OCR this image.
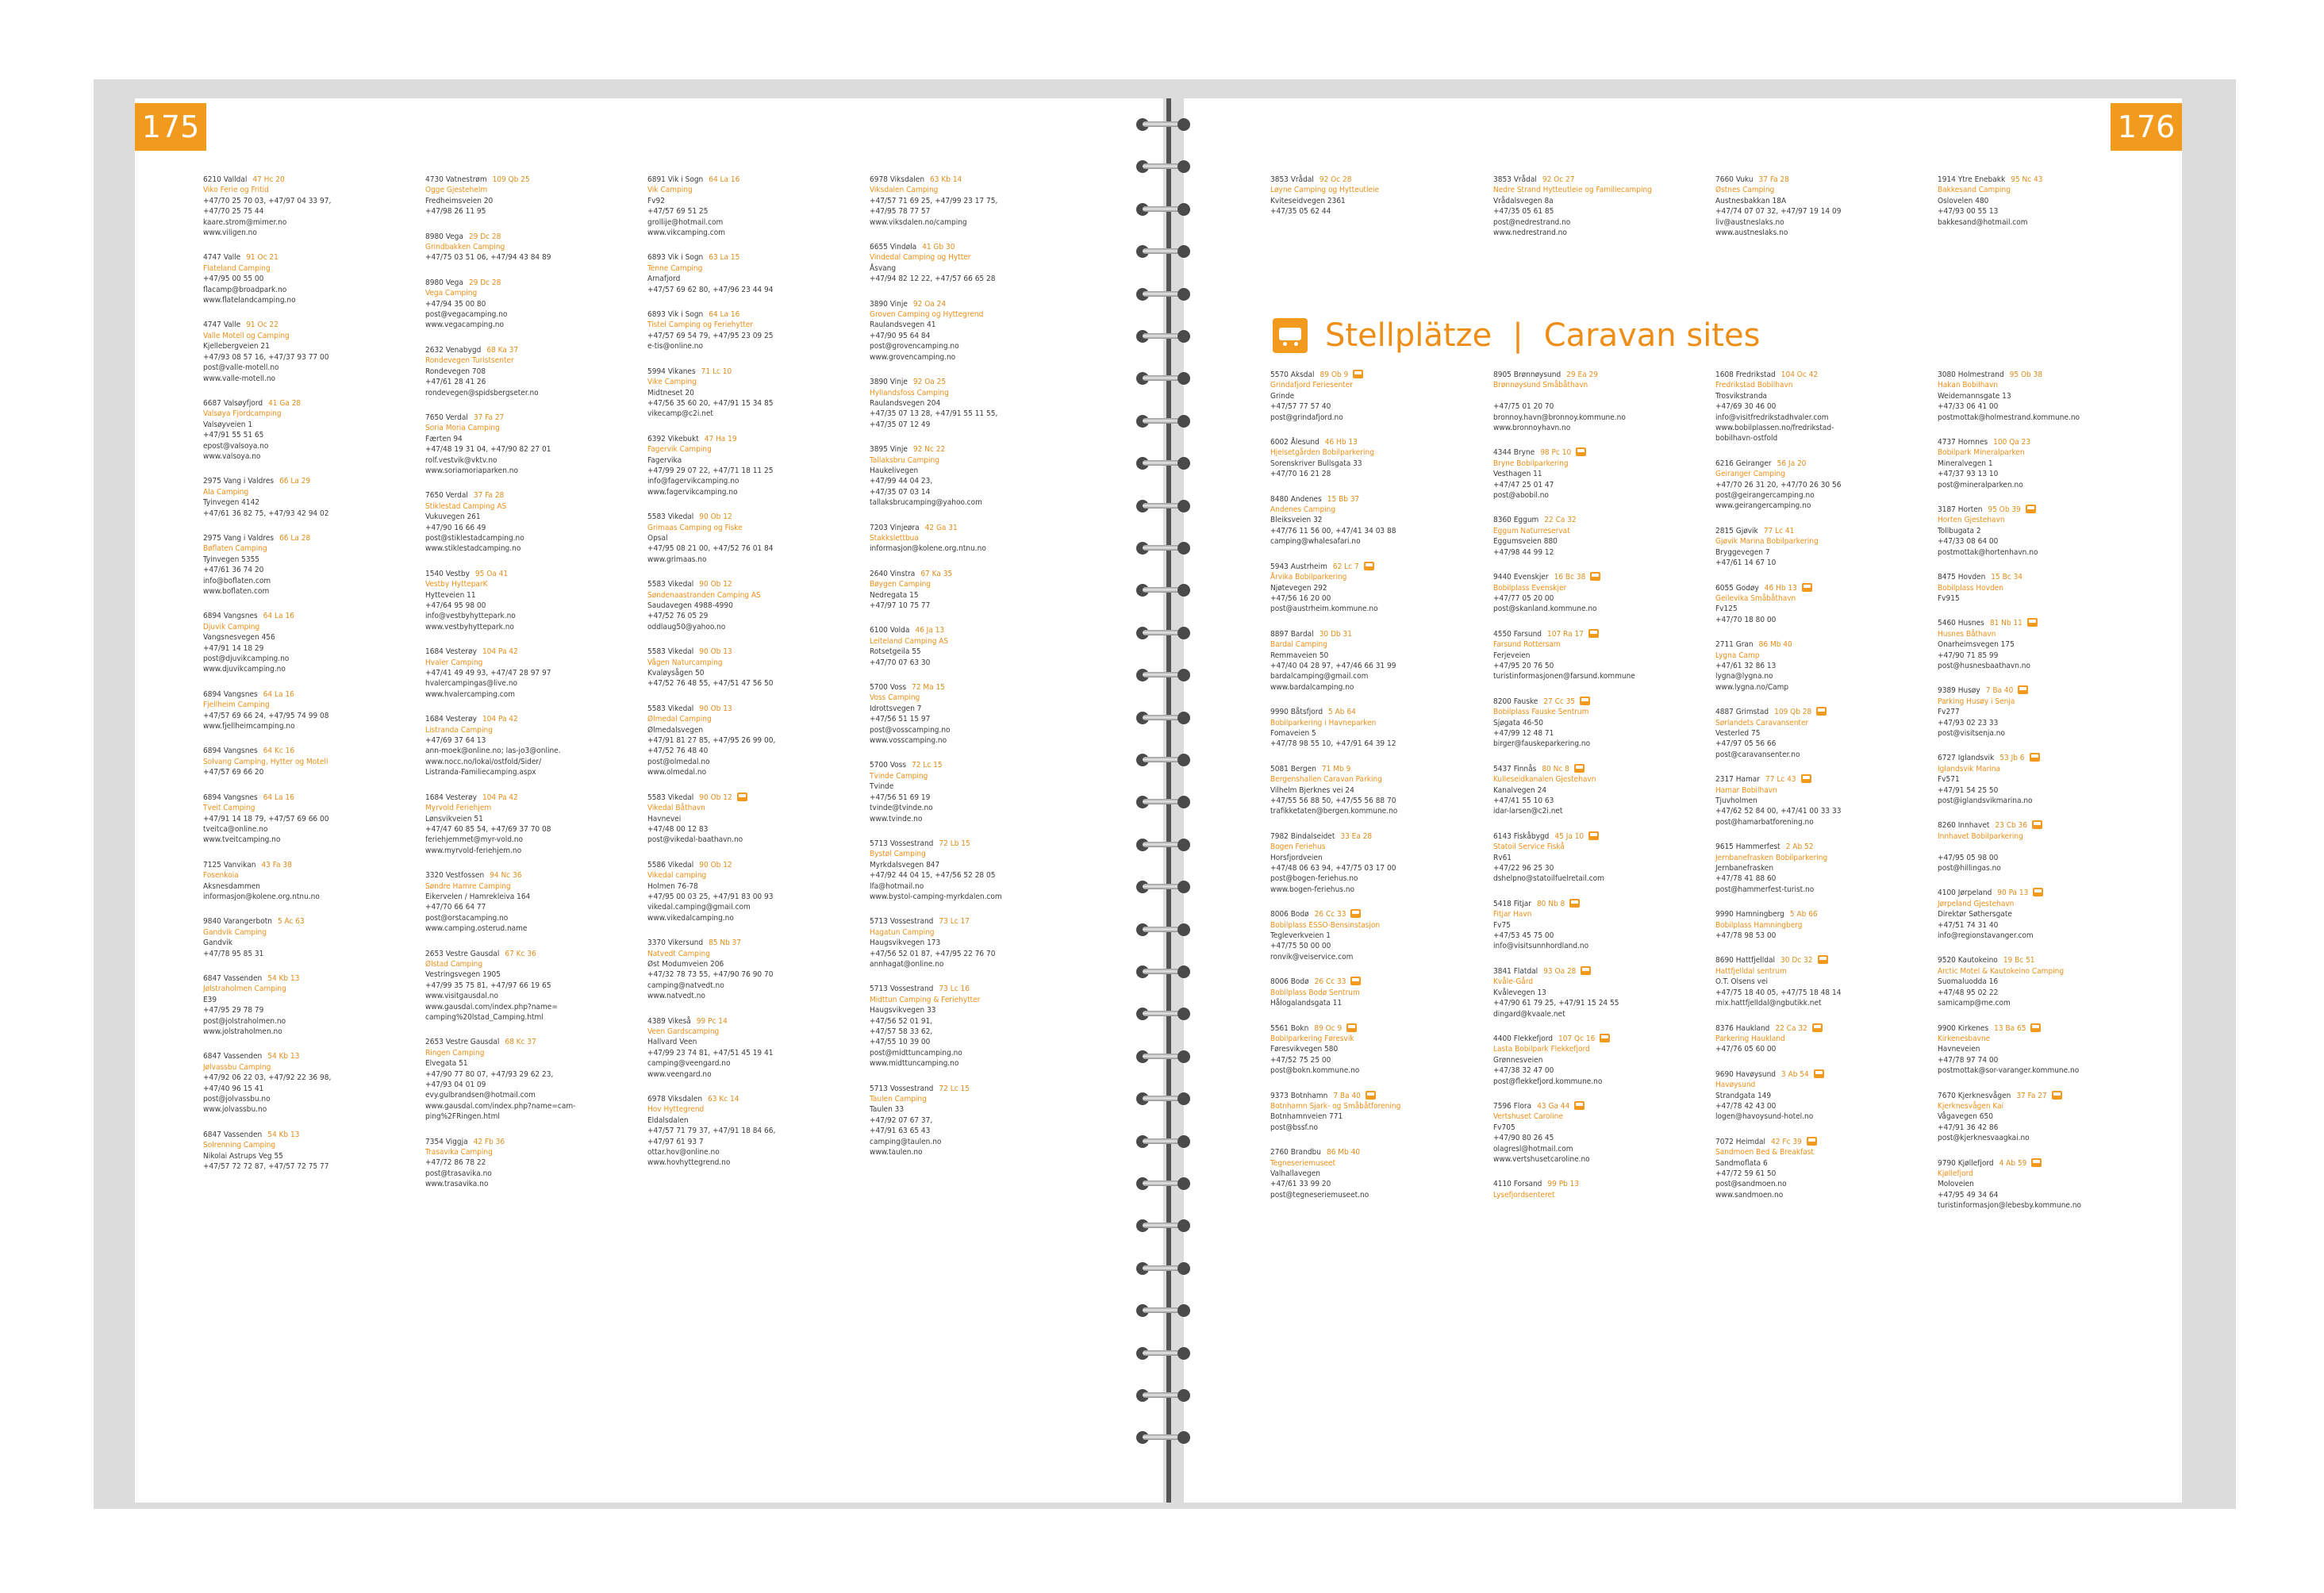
175	176
Stellplätze | Caravan sites
6210 Valldal 47 Hc 20
Viko Ferie og Fritid
+47/70 25 70 03, +47/97 04 33 97,
+47/70 25 75 44
kaare.strom@mimer.no
www.viligen.no
4747 Valle 91 Oc 21
Flateland Camping
+47/95 00 55 00
flacamp@broadpark.no
www.flatelandcamping.no
4747 Valle 91 Oc 22
Valle Motell og Camping
Kjellebergveien 21
+47/93 08 57 16, +47/37 93 77 00
post@valle-motell.no
www.valle-motell.no
6687 Valsøyfjord 41 Ga 28
Valsøya Fjordcamping
Valsøyveien 1
+47/91 55 51 65
epost@valsoya.no
www.valsoya.no
2975 Vang i Valdres 66 La 29
Ala Camping
Tyinvegen 4142
+47/61 36 82 75, +47/93 42 94 02
2975 Vang i Valdres 66 La 28
Bøflaten Camping
Tyinvegen 5355
+47/61 36 74 20
info@boflaten.com
www.boflaten.com
6894 Vangsnes 64 La 16
Djuvik Camping
Vangsnesvegen 456
+47/91 14 18 29
post@djuvikcamping.no
www.djuvikcamping.no
6894 Vangsnes 64 La 16
Fjellheim Camping
+47/57 69 66 24, +47/95 74 99 08
www.fjellheimcamping.no
6894 Vangsnes 64 Kc 16
Solvang Camping, Hytter og Motell
+47/57 69 66 20
6894 Vangsnes 64 La 16
Tveit Camping
+47/91 14 18 79, +47/57 69 66 00
tveitca@online.no
www.tveitcamping.no
7125 Vanvikan 43 Fa 38
Fosenkoia
Aksnesdammen
informasjon@kolene.org.ntnu.no
9840 Varangerbotn 5 Ac 63
Gandvik Camping
Gandvik
+47/78 95 85 31
6847 Vassenden 54 Kb 13
Jølstraholmen Camping
E39
+47/95 29 78 79
post@jolstraholmen.no
www.jolstraholmen.no
6847 Vassenden 54 Kb 13
Jølvassbu Camping
+47/92 06 22 03, +47/92 22 36 98,
+47/40 96 15 41
post@jolvassbu.no
www.jolvassbu.no
6847 Vassenden 54 Kb 13
Solrenning Camping
Nikolai Astrups Veg 55
+47/57 72 72 87, +47/57 72 75 77
4730 Vatnestrøm 109 Qb 25
Ogge Gjestehelm
Fredheimsveien 20
+47/98 26 11 95
8980 Vega 29 Dc 28
Grindbakken Camping
+47/75 03 51 06, +47/94 43 84 89
8980 Vega 29 Dc 28
Vega Camping
+47/94 35 00 80
post@vegacamping.no
www.vegacamping.no
2632 Venabygd 68 Ka 37
Rondevegen Turistsenter
Rondevegen 708
+47/61 28 41 26
rondevegen@spidsbergseter.no
7650 Verdal 37 Fa 27
Soria Moria Camping
Færten 94
+47/48 19 31 04, +47/90 82 27 01
rolf.vestvik@vktv.no
www.soriamoriaparken.no
7650 Verdal 37 Fa 28
Stiklestad Camping AS
Vukuvegen 261
+47/90 16 66 49
post@stiklestadcamping.no
www.stiklestadcamping.no
1540 Vestby 95 Oa 41
Vestby HytteparK
Hytteveien 11
+47/64 95 98 00
info@vestbyhyttepark.no
www.vestbyhyttepark.no
1684 Vesterøy 104 Pa 42
Hvaler Camping
+47/41 49 49 93, +47/47 28 97 97
hvalercampingas@live.no
www.hvalercamping.com
1684 Vesterøy 104 Pa 42
Listranda Camping
+47/69 37 64 13
ann-moek@online.no; las-jo3@online.
www.nocc.no/lokal/ostfold/Sider/
Listranda-Familiecamping.aspx
1684 Vesterøy 104 Pa 42
Myrvold Feriehjem
Lønsvikveien 51
+47/47 60 85 54, +47/69 37 70 08
feriehjemmet@myr-vold.no
www.myrvold-feriehjem.no
3320 Vestfossen 94 Nc 36
Søndre Hamre Camping
Eikervelen / Hamrekleiva 164
+47/70 66 64 77
post@orstacamping.no
www.camping.osterud.name
2653 Vestre Gausdal 67 Kc 36
Ølstad Camping
Vestringsvegen 1905
+47/99 35 75 81, +47/97 66 19 65
www.visitgausdal.no
www.gausdal.com/index.php?name=
camping%20lstad_Camping.html
2653 Vestre Gausdal 68 Kc 37
Ringen Camping
Elvegata 51
+47/90 77 80 07, +47/93 29 62 23,
+47/93 04 01 09
evy.gulbrandsen@hotmail.com
www.gausdal.com/index.php?name=cam-
ping%2FRingen.html
7354 Viggja 42 Fb 36
Trasavika Camping
+47/72 86 78 22
post@trasavika.no
www.trasavika.no
6891 Vik i Sogn 64 La 16
Vik Camping
Fv92
+47/57 69 51 25
grollije@hotmail.com
www.vikcamping.com
6893 Vik i Sogn 63 La 15
Tenne Camping
Arnafjord
+47/57 69 62 80, +47/96 23 44 94
6893 Vik i Sogn 64 La 16
Tistel Camping og Feriehytter
+47/57 69 54 79, +47/95 23 09 25
e-tis@online.no
5994 Vikanes 71 Lc 10
Vike Camping
Midtneset 20
+47/56 35 60 20, +47/91 15 34 85
vikecamp@c2i.net
6392 Vikebukt 47 Ha 19
Fagervik Camping
Fagervika
+47/99 29 07 22, +47/71 18 11 25
info@fagervikcamping.no
www.fagervikcamping.no
5583 Vikedal 90 Ob 12
Grimaas Camping og Fiske
Opsal
+47/95 08 21 00, +47/52 76 01 84
www.grimaas.no
5583 Vikedal 90 Ob 12
Søndenaastranden Camping AS
Saudavegen 4988-4990
+47/52 76 05 29
oddlaug50@yahoo.no
5583 Vikedal 90 Ob 13
Vågen Naturcamping
Kvaløysågen 50
+47/52 76 48 55, +47/51 47 56 50
5583 Vikedal 90 Ob 13
Ølmedal Camping
Ølmedalsvegen
+47/91 81 27 85, +47/95 26 99 00,
+47/52 76 48 40
post@olmedal.no
www.olmedal.no
5583 Vikedal 90 Ob 12
Vikedal Båthavn
Havnevei
+47/48 00 12 83
post@vikedal-baathavn.no
5586 Vikedal 90 Ob 12
Vikedal camping
Holmen 76-78
+47/95 00 03 25, +47/91 83 00 93
vikedal.camping@gmail.com
www.vikedalcamping.no
3370 Vikersund 85 Nb 37
Natvedt Camping
Øst Modumveien 206
+47/32 78 73 55, +47/90 76 90 70
camping@natvedt.no
www.natvedt.no
4389 Vikeså 99 Pc 14
Veen Gardscamping
Hallvard Veen
+47/99 23 74 81, +47/51 45 19 41
camping@veengard.no
www.veengard.no
6978 Viksdalen 63 Kc 14
Hov Hyttegrend
Eldalsdalen
+47/57 71 79 37, +47/91 18 84 66,
+47/97 61 93 7
ottar.hov@online.no
www.hovhyttegrend.no
6978 Viksdalen 63 Kb 14
Viksdalen Camping
+47/57 71 69 25, +47/99 23 17 75,
+47/95 78 77 57
www.viksdalen.no/camping
6655 Vindøla 41 Gb 30
Vindedal Camping og Hytter
Åsvang
+47/94 82 12 22, +47/57 66 65 28
3890 Vinje 92 Oa 24
Groven Camping og Hyttegrend
Raulandsvegen 41
+47/90 95 64 84
post@grovencamping.no
www.grovencamping.no
3890 Vinje 92 Oa 25
Hyllandsfoss Camping
Raulandsvegen 204
+47/35 07 13 28, +47/91 55 11 55,
+47/35 07 12 49
3895 Vinje 92 Nc 22
Tallaksbru Camping
Haukelivegen
+47/99 44 04 23,
+47/35 07 03 14
tallaksbrucamping@yahoo.com
7203 Vinjeøra 42 Ga 31
Stakkslettbua
informasjon@kolene.org.ntnu.no
2640 Vinstra 67 Ka 35
Bøygen Camping
Nedregata 15
+47/97 10 75 77
6100 Volda 46 Ja 13
Leiteland Camping AS
Rotsetgeila 55
+47/70 07 63 30
5700 Voss 72 Ma 15
Voss Camping
Idrottsvegen 7
+47/56 51 15 97
post@vosscamping.no
www.vosscamping.no
5700 Voss 72 Lc 15
Tvinde Camping
Tvinde
+47/56 51 69 19
tvinde@tvinde.no
www.tvinde.no
5713 Vossestrand 72 Lb 15
Bystøl Camping
Myrkdalsvegen 847
+47/92 44 04 15, +47/56 52 28 05
lfa@hotmail.no
www.bystol-camping-myrkdalen.com
5713 Vossestrand 73 Lc 17
Hagatun Camping
Haugsvikvegen 173
+47/56 52 01 87, +47/95 22 76 70
annhagat@online.no
5713 Vossestrand 73 Lc 16
Midttun Camping & Feriehytter
Haugsvikvegen 33
+47/56 52 01 91,
+47/57 58 33 62,
+47/55 10 39 00
post@midttuncamping.no
www.midttuncamping.no
5713 Vossestrand 72 Lc 15
Taulen Camping
Taulen 33
+47/92 07 67 37,
+47/91 63 65 43
camping@taulen.no
www.taulen.no
3853 Vrådal 92 Oc 28
Løyne Camping og Hytteutleie
Kviteseidvegen 2361
+47/35 05 62 44
3853 Vrådal 92 Oc 27
Nedre Strand Hytteutleie og Familiecamping
Vrådalsvegen 8a
+47/35 05 61 85
post@nedrestrand.no
www.nedrestrand.no
7660 Vuku 37 Fa 28
Østnes Camping
Austnesbakkan 18A
+47/74 07 07 32, +47/97 19 14 09
liv@austneslaks.no
www.austneslaks.no
1914 Ytre Enebakk 95 Nc 43
Bakkesand Camping
Oslovelen 480
+47/93 00 55 13
bakkesand@hotmail.com
5570 Aksdal 89 Ob 9
Grindafjord Feriesenter
Grinde
+47/57 77 57 40
post@grindafjord.no
6002 Ålesund 46 Hb 13
Hjelsetgården Bobilparkering
Sorenskriver Bullsgata 33
+47/70 16 21 28
8480 Andenes 15 Bb 37
Andenes Camping
Bleiksveien 32
+47/76 11 56 00, +47/41 34 03 88
camping@whalesafari.no
5943 Austrheim 62 Lc 7
Årvika Bobilparkering
Njøtevegen 292
+47/56 16 20 00
post@austrheim.kommune.no
8897 Bardal 30 Db 31
Bardal Camping
Remmaveien 50
+47/40 04 28 97, +47/46 66 31 99
bardalcamping@gmail.com
www.bardalcamping.no
9990 Båtsfjord 5 Ab 64
Bobilparkering i Havneparken
Fomaveien 5
+47/78 98 55 10, +47/91 64 39 12
5081 Bergen 71 Mb 9
Bergenshallen Caravan Parking
Vilhelm Bjerknes vei 24
+47/55 56 88 50, +47/55 56 88 70
trafikketaten@bergen.kommune.no
7982 Bindalseidet 33 Ea 28
Bogen Feriehus
Horsfjordveien
+47/48 06 63 94, +47/75 03 17 00
post@bogen-feriehus.no
www.bogen-feriehus.no
8006 Bodø 26 Cc 33
Bobilplass ESSO-Bensinstasjon
Tegleverkveien 1
+47/75 50 00 00
ronvik@veiservice.com
8006 Bodø 26 Cc 33
Bobilplass Bodø Sentrum
Hålogalandsgata 11
5561 Bokn 89 Oc 9
Bobilparkering Føresvik
Føresvikvegen 580
+47/52 75 25 00
post@bokn.kommune.no
9373 Botnhamn 7 Ba 40
Botnhamn Sjark- og Småbåtforening
Botnhamnveien 771
post@bssf.no
2760 Brandbu 86 Mb 40
Tegneseriemuseet
Valhallavegen
+47/61 33 99 20
post@tegneseriemuseet.no
8905 Brønnøysund 29 Ea 29
Brønnøysund Småbåthavn

+47/75 01 20 70
bronnoy.havn@bronnoy.kommune.no
www.bronnoyhavn.no
4344 Bryne 98 Pc 10
Bryne Bobilparkering
Vesthagen 11
+47/47 25 01 47
post@abobil.no
8360 Eggum 22 Ca 32
Eggum Naturreservat
Eggumsveien 880
+47/98 44 99 12
9440 Evenskjer 16 Bc 38
Bobilplass Evenskjer
+47/77 05 20 00
post@skanland.kommune.no
4550 Farsund 107 Ra 17
Farsund Rottersam
Ferjeveien
+47/95 20 76 50
turistinformasjonen@farsund.kommune
8200 Fauske 27 Cc 35
Bobilplass Fauske Sentrum
Sjøgata 46-50
+47/99 12 48 71
birger@fauskeparkering.no
5437 Finnås 80 Nc 8
Kulleseidkanalen Gjestehavn
Kanalvegen 24
+47/41 55 10 63
idar-larsen@c2i.net
6143 Fiskåbygd 45 Ja 10
Statoil Service Fiskå
Rv61
+47/22 96 25 30
dshelpno@statoilfuelretail.com
5418 Fitjar 80 Nb 8
Fitjar Havn
Fv75
+47/53 45 75 00
info@visitsunnhordland.no
3841 Flatdal 93 Oa 28
Kvåle-Gård
Kvålevegen 13
+47/90 61 79 25, +47/91 15 24 55
dingard@kvaale.net
4400 Flekkefjord 107 Qc 16
Lasta Bobilpark Flekkefjord
Grønnesveien
+47/38 32 47 00
post@flekkefjord.kommune.no
7596 Flora 43 Ga 44
Vertshuset Caroline
Fv705
+47/90 80 26 45
olagresl@hotmail.com
www.vertshusetcaroline.no
4110 Forsand 99 Pb 13
Lysefjordsenteret
1608 Fredrikstad 104 Oc 42
Fredrikstad Bobilhavn
Trosvikstranda
+47/69 30 46 00
info@visitfredrikstadhvaler.com
www.bobilplassen.no/fredrikstad-
bobilhavn-ostfold
6216 Geiranger 56 Ja 20
Geiranger Camping
+47/70 26 31 20, +47/70 26 30 56
post@geirangercamping.no
www.geirangercamping.no
2815 Gjøvik 77 Lc 41
Gjøvik Marina Bobilparkering
Bryggevegen 7
+47/61 14 67 10
6055 Godøy 46 Hb 13
Geilevika Småbåthavn
Fv125
+47/70 18 80 00
2711 Gran 86 Mb 40
Lygna Camp
+47/61 32 86 13
lygna@lygna.no
www.lygna.no/Camp
4887 Grimstad 109 Qb 28
Sørlandets Caravansenter
Vesterled 75
+47/97 05 56 66
post@caravansenter.no
2317 Hamar 77 Lc 43
Hamar Bobilhavn
Tjuvholmen
+47/62 52 84 00, +47/41 00 33 33
post@hamarbatforening.no
9615 Hammerfest 2 Ab 52
Jernbanefrasken Bobilparkering
Jernbanefrasken
+47/78 41 88 60
post@hammerfest-turist.no
9990 Hamningberg 5 Ab 66
Bobilplass Hamningberg
+47/78 98 53 00
8690 Hattfjelldal 30 Dc 32
Hattfjelldal sentrum
O.T. Olsens vei
+47/75 18 40 05, +47/75 18 48 14
mix.hattfjelldal@ngbutikk.net
8376 Haukland 22 Ca 32
Parkering Haukland
+47/76 05 60 00
9690 Havøysund 3 Ab 54
Havøysund
Strandgata 149
+47/78 42 43 00
logen@havoysund-hotel.no
7072 Heimdal 42 Fc 39
Sandmoen Bed & Breakfast
Sandmoflata 6
+47/72 59 61 50
post@sandmoen.no
www.sandmoen.no
3080 Holmestrand 95 Ob 38
Hakan Bobilhavn
Weidemannsgate 13
+47/33 06 41 00
postmottak@holmestrand.kommune.no
4737 Hornnes 100 Qa 23
Bobilpark Mineralparken
Mineralvegen 1
+47/37 93 13 10
post@mineralparken.no
3187 Horten 95 Ob 39
Horten Gjestehavn
Tollbugata 2
+47/33 08 64 00
postmottak@hortenhavn.no
8475 Hovden 15 Bc 34
Bobilplass Hovden
Fv915
5460 Husnes 81 Nb 11
Husnes Båthavn
Onarheimsvegen 175
+47/90 71 85 99
post@husnesbaathavn.no
9389 Husøy 7 Ba 40
Parking Husøy i Senja
Fv277
+47/93 02 23 33
post@visitsenja.no
6727 Iglandsvik 53 Jb 6
Iglandsvik Marina
Fv571
+47/91 54 25 50
post@iglandsvikmarina.no
8260 Innhavet 23 Cb 36
Innhavet Bobilparkering

+47/95 05 98 00
post@hillingas.no
4100 Jørpeland 90 Pa 13
Jørpeland Gjestehavn
Direktør Søthersgate
+47/51 74 31 40
info@regionstavanger.com
9520 Kautokeino 19 Bc 51
Arctic Motel & Kautokeino Camping
Suomaluodda 16
+47/48 95 02 22
samicamp@me.com
9900 Kirkenes 13 Ba 65
Kirkenesbavne
Havneveien
+47/78 97 74 00
postmottak@sor-varanger.kommune.no
7670 Kjerknesvågen 37 Fa 27
Kjerknesvågen Kai
Vågavegen 650
+47/91 36 42 86
post@kjerknesvaagkai.no
9790 Kjøllefjord 4 Ab 59
Kjøllefjord
Moloveien
+47/95 49 34 64
turistinformasjon@lebesby.kommune.no
